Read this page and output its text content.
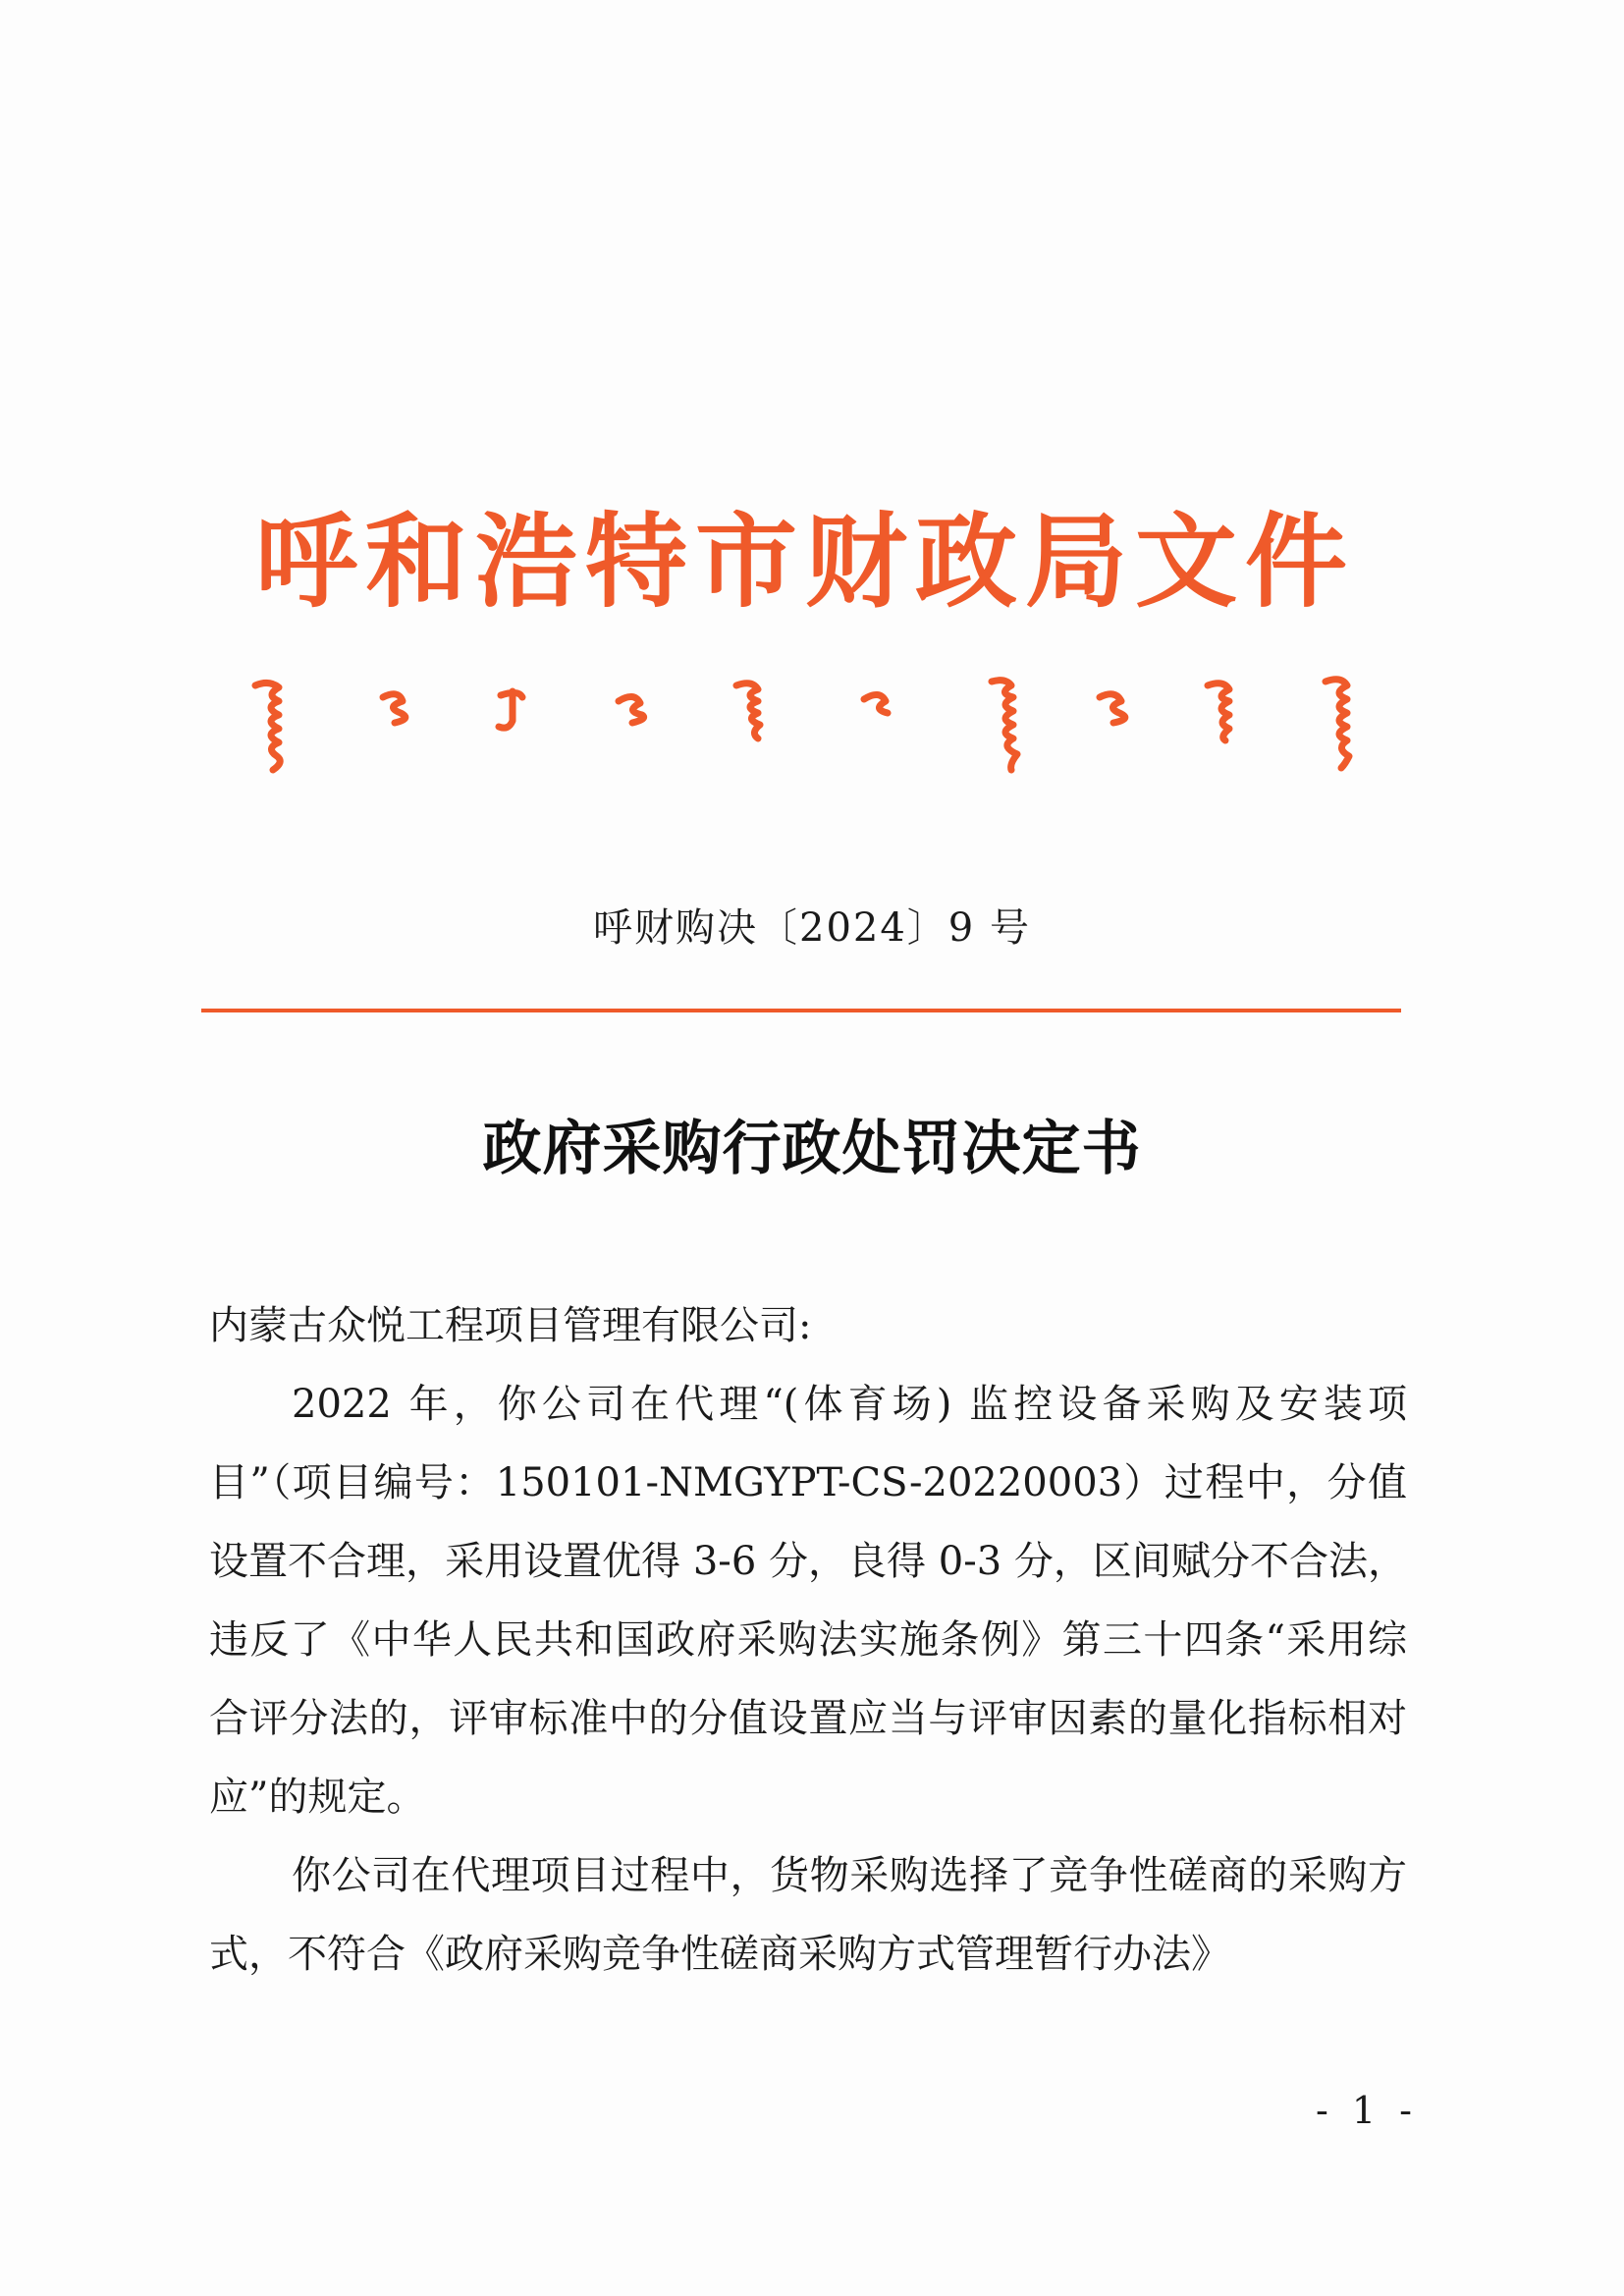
呼和浩特市财政局文件
呼财购决〔2024〕9 号
政府采购行政处罚决定书

内蒙古众悦工程项目管理有限公司:

2022 年，你公司在代理“(体育场) 监控设备采购及安装项目”（项目编号：150101-NMGYPT-CS-20220003）过程中，分值设置不合理，采用设置优得 3-6 分，良得 0-3 分，区间赋分不合法，违反了《中华人民共和国政府采购法实施条例》第三十四条“采用综合评分法的，评审标准中的分值设置应当与评审因素的量化指标相对应”的规定。

你公司在代理项目过程中，货物采购选择了竞争性磋商的采购方式，不符合《政府采购竞争性磋商采购方式管理暂行办法》

- 1 -
